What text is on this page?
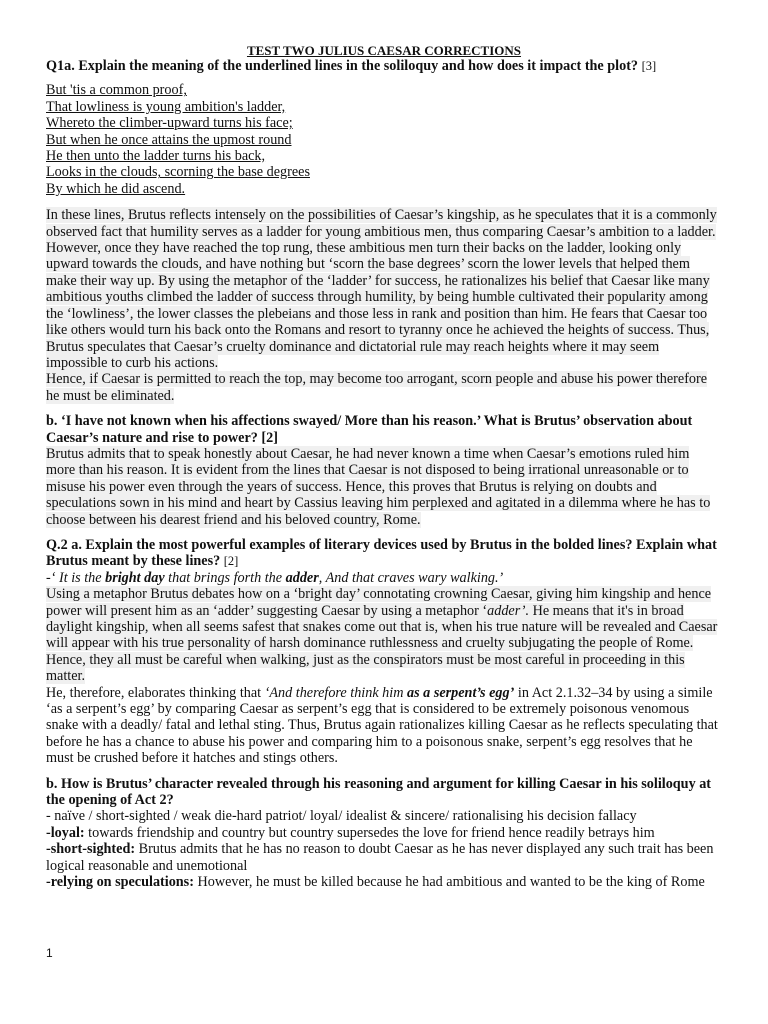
TEST TWO JULIUS CAESAR CORRECTIONS

Q1a. Explain the meaning of the underlined lines in the soliloquy and how does it impact the plot? [3]

But 'tis a common proof,
That lowliness is young ambition's ladder,
Whereto the climber-upward turns his face;
But when he once attains the upmost round
He then unto the ladder turns his back,
Looks in the clouds, scorning the base degrees
By which he did ascend.

In these lines, Brutus reflects intensely on the possibilities of Caesar’s kingship, as he speculates that it is a commonly observed fact that humility serves as a ladder for young ambitious men, thus comparing Caesar’s ambition to a ladder. However, once they have reached the top rung, these ambitious men turn their backs on the ladder, looking only upward towards the clouds, and have nothing but ‘scorn the base degrees’ scorn the lower levels that helped them make their way up. By using the metaphor of the ‘ladder’ for success, he rationalizes his belief that Caesar like many ambitious youths climbed the ladder of success through humility, by being humble cultivated their popularity among the ‘lowliness’, the lower classes the plebeians and those less in rank and position than him. He fears that Caesar too like others would turn his back onto the Romans and resort to tyranny once he achieved the heights of success. Thus, Brutus speculates that Caesar’s cruelty dominance and dictatorial rule may reach heights where it may seem impossible to curb his actions.

Hence, if Caesar is permitted to reach the top, may become too arrogant, scorn people and abuse his power therefore he must be eliminated.

b. ‘I have not known when his affections swayed/ More than his reason.’ What is Brutus’ observation about Caesar’s nature and rise to power? [2]

Brutus admits that to speak honestly about Caesar, he had never known a time when Caesar’s emotions ruled him more than his reason. It is evident from the lines that Caesar is not disposed to being irrational unreasonable or to misuse his power even through the years of success. Hence, this proves that Brutus is relying on doubts and speculations sown in his mind and heart by Cassius leaving him perplexed and agitated in a dilemma where he has to choose between his dearest friend and his beloved country, Rome.

Q.2 a. Explain the most powerful examples of literary devices used by Brutus in the bolded lines? Explain what Brutus meant by these lines? [2]

-‘ It is the bright day that brings forth the adder, And that craves wary walking.’

Using a metaphor Brutus debates how on a ‘bright day’ connotating crowning Caesar, giving him kingship and hence power will present him as an ‘adder’ suggesting Caesar by using a metaphor ‘adder’. He means that it's in broad daylight kingship, when all seems safest that snakes come out that is, when his true nature will be revealed and Caesar will appear with his true personality of harsh dominance ruthlessness and cruelty subjugating the people of Rome. Hence, they all must be careful when walking, just as the conspirators must be most careful in proceeding in this matter.

He, therefore, elaborates thinking that ‘And therefore think him as a serpent’s egg’ in Act 2.1.32–34 by using a simile ‘as a serpent’s egg’ by comparing Caesar as serpent’s egg that is considered to be extremely poisonous venomous snake with a deadly/ fatal and lethal sting. Thus, Brutus again rationalizes killing Caesar as he reflects speculating that before he has a chance to abuse his power and comparing him to a poisonous snake, serpent’s egg resolves that he must be crushed before it hatches and stings others.

b. How is Brutus’ character revealed through his reasoning and argument for killing Caesar in his soliloquy at the opening of Act 2?

- naïve / short-sighted / weak die-hard patriot/ loyal/ idealist & sincere/ rationalising his decision fallacy

-loyal: towards friendship and country but country supersedes the love for friend hence readily betrays him

-short-sighted: Brutus admits that he has no reason to doubt Caesar as he has never displayed any such trait has been logical reasonable and unemotional

-relying on speculations: However, he must be killed because he had ambitious and wanted to be the king of Rome

1
